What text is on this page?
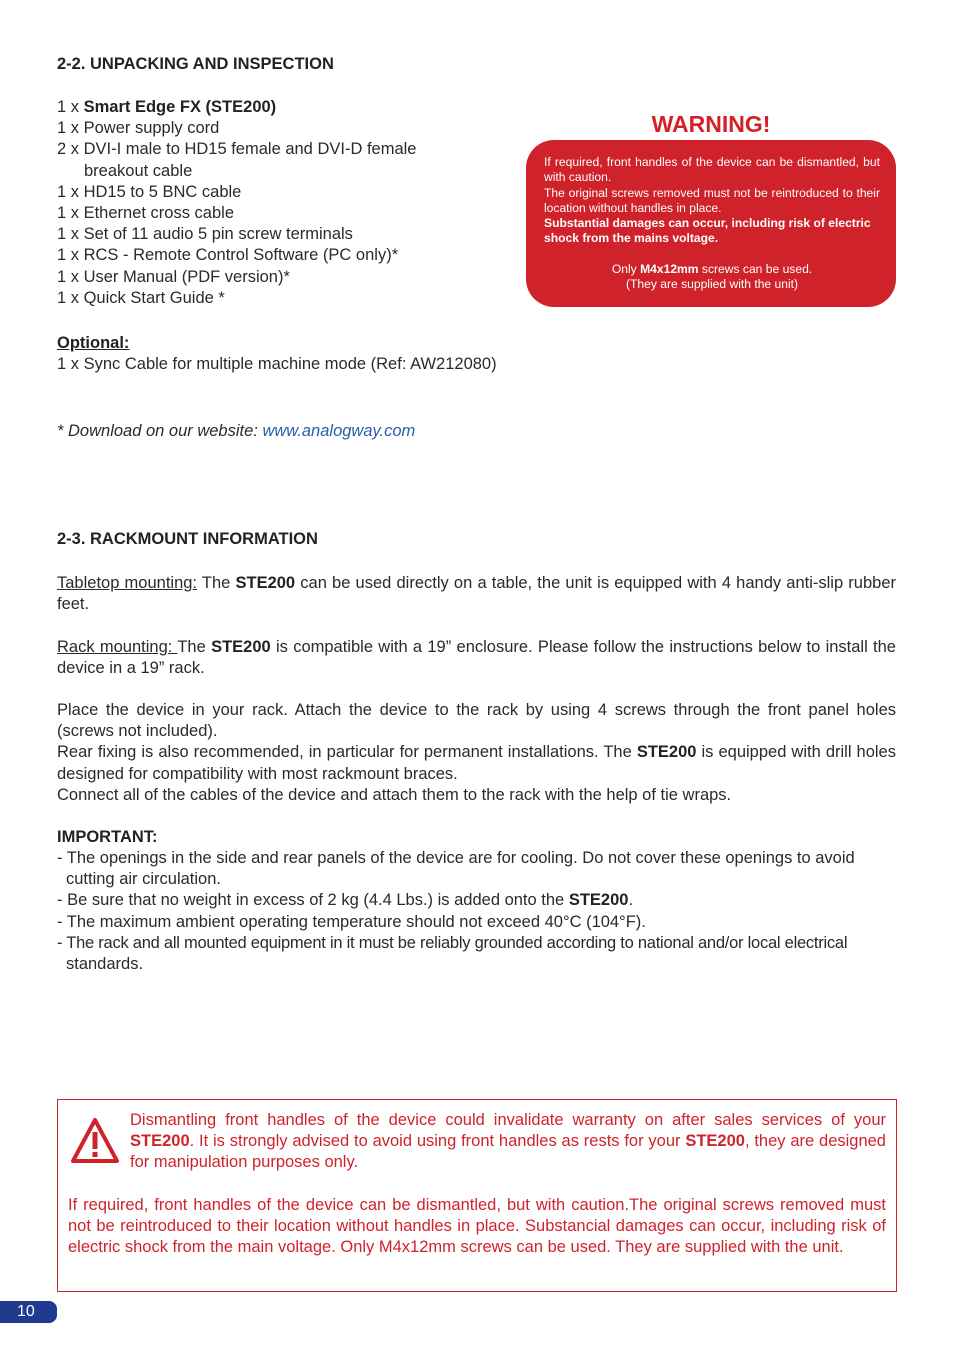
2-2. UNPACKING AND INSPECTION
1 x Smart Edge FX (STE200)
1 x Power supply cord
2 x DVI-I male to HD15 female and DVI-D female
breakout cable
1 x HD15 to 5 BNC cable
1 x Ethernet cross cable
1 x Set of 11 audio 5 pin screw terminals
1 x RCS - Remote Control Software (PC only)*
1 x User Manual (PDF version)*
1 x Quick Start Guide *
Optional:
1 x Sync Cable for multiple machine mode (Ref: AW212080)
* Download on our website: www.analogway.com
WARNING!
If required, front handles of the device can be dismantled, but with caution.
The original screws removed must not be reintroduced to their location without handles in place.
Substantial damages can occur, including risk of electric shock from the mains voltage.
Only M4x12mm screws can be used.
(They are supplied with the unit)
2-3. RACKMOUNT INFORMATION
Tabletop mounting: The STE200 can be used directly on a table, the unit is equipped with 4 handy anti-slip rubber feet.
Rack mounting: The STE200 is compatible with a 19” enclosure. Please follow the instructions below to install the device in a 19” rack.
Place the device in your rack. Attach the device to the rack by using 4 screws through the front panel holes (screws not included).
Rear fixing is also recommended, in particular for permanent installations. The STE200 is equipped with drill holes designed for compatibility with most rackmount braces.
Connect all of the cables of the device and attach them to the rack with the help of tie wraps.
IMPORTANT:
- The openings in the side and rear panels of the device are for cooling. Do not cover these openings to avoid
cutting air circulation.
- Be sure that no weight in excess of 2 kg (4.4 Lbs.) is added onto the STE200.
- The maximum ambient operating temperature should not exceed 40°C (104°F).
- The rack and all mounted equipment in it must be reliably grounded according to national and/or local electrical
standards.
Dismantling front handles of the device could invalidate warranty on after sales services of your STE200. It is strongly advised to avoid using front handles as rests for your STE200, they are designed for manipulation purposes only.
If required, front handles of the device can be dismantled, but with caution.The original screws removed must not be reintroduced to their location without handles in place. Substancial damages can occur, including risk of electric shock from the main voltage. Only M4x12mm screws can be used. They are supplied with the unit.
10
